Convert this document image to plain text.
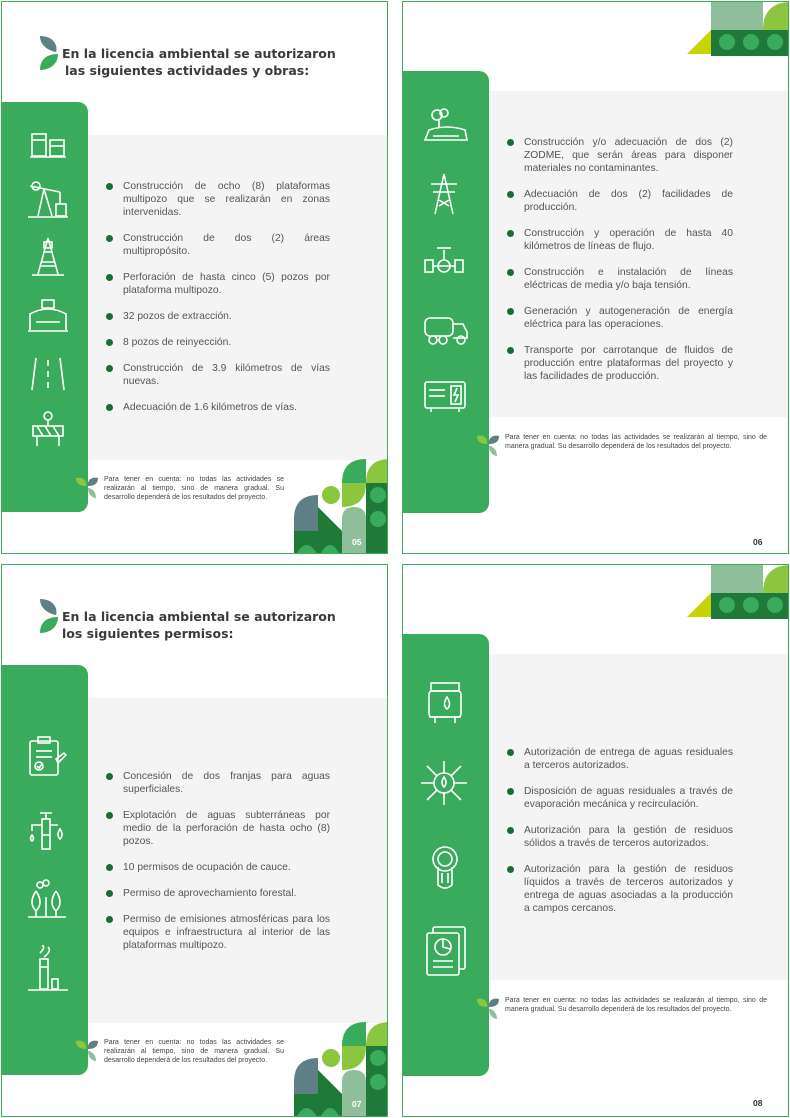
En la licencia ambiental se autorizaron
las siguientes actividades y obras:
Construcción de ocho (8) plataformas multipozo que se realizarán en zonas intervenidas.
Construcción de dos (2) áreas multipropósito.
Perforación de hasta cinco (5) pozos por plataforma multipozo.
32 pozos de extracción.
8 pozos de reinyección.
Construcción de 3.9 kilómetros de vías nuevas.
Adecuación de 1.6 kilómetros de vías.
Para tener en cuenta: no todas las actividades se realizarán al tiempo, sino de manera gradual. Su desarrollo dependerá de los resultados del proyecto.
05
Construcción y/o adecuación de dos (2) ZODME, que serán áreas para disponer materiales no contaminantes.
Adecuación de dos (2) facilidades de producción.
Construcción y operación de hasta 40 kilómetros de líneas de flujo.
Construcción e instalación de líneas eléctricas de media y/o baja tensión.
Generación y autogeneración de energía eléctrica para las operaciones.
Transporte por carrotanque de fluidos de producción entre plataformas del proyecto y las facilidades de producción.
Para tener en cuenta: no todas las actividades se realizarán al tiempo, sino de manera gradual. Su desarrollo dependerá de los resultados del proyecto.
06
En la licencia ambiental se autorizaron
los siguientes permisos:
Concesión de dos franjas para aguas superficiales.
Explotación de aguas subterráneas por medio de la perforación de hasta ocho (8) pozos.
10 permisos de ocupación de cauce.
Permiso de aprovechamiento forestal.
Permiso de emisiones atmosféricas para los equipos e infraestructura al interior de las plataformas multipozo.
Para tener en cuenta: no todas las actividades se realizarán al tiempo, sino de manera gradual. Su desarrollo dependerá de los resultados del proyecto.
07
Autorización de entrega de aguas residuales a terceros autorizados.
Disposición de aguas residuales a través de evaporación mecánica y recirculación.
Autorización para la gestión de residuos sólidos a través de terceros autorizados.
Autorización para la gestión de residuos líquidos a través de terceros autorizados y entrega de aguas asociadas a la producción a campos cercanos.
Para tener en cuenta: no todas las actividades se realizarán al tiempo, sino de manera gradual. Su desarrollo dependerá de los resultados del proyecto.
08
